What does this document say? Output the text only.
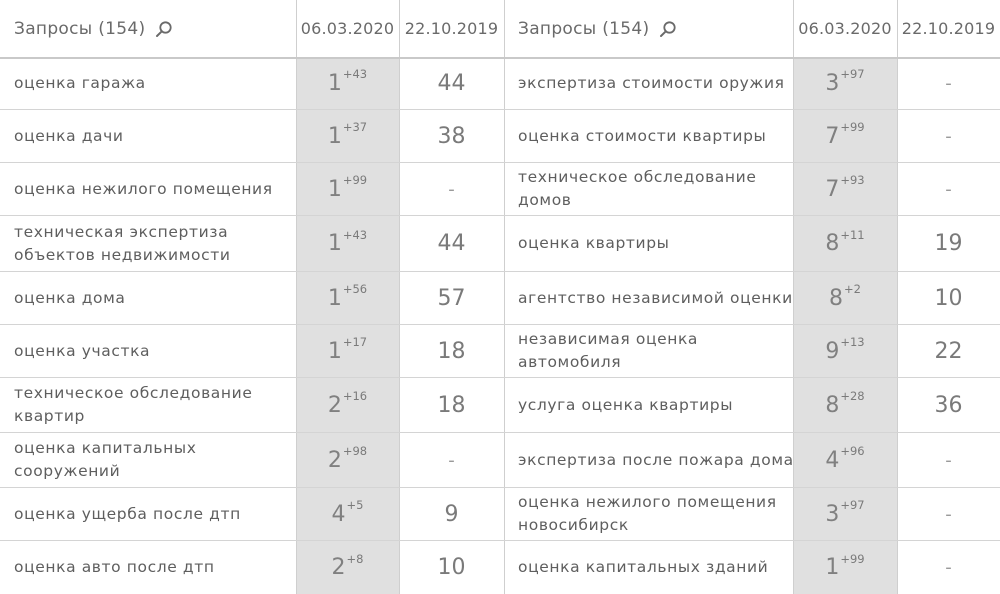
Запросы (154)	06.03.2020 22.10.2019
оценка гаража	$1^{+43}$	44
оценка дачи	$1^{+37}$	38
оценка нежилого помещения	$1^{+99}$	-
техническая экспертиза объектов недвижимости	$1^{+43}$	44
оценка дома	$1^{+56}$	57
оценка участка	$1^{+17}$	18
техническое обследование квартир	$2^{+16}$	18
оценка капитальных сооружений	$2^{+98}$	-
оценка ущерба после дтп	$4^{+5}$	9
оценка авто после дтп	$2^{+8}$	10
Запросы (154)	06.03.2020 22.10.2019
экспертиза стоимости оружия $3^{+97}$	-
оценка стоимости квартиры	$7^{+99}$	-
техническое обследование домов	$7^{+93}$	-
оценка квартиры	$8^{+11}$	19
агентство независимой оценки $8^{+2}$	10
независимая оценка автомобиля	$9^{+13}$	22
услуга оценка квартиры	$8^{+28}$	36
экспертиза после пожара дома $4^{+96}$	-
оценка нежилого помещения новосибирск	$3^{+97}$	-
оценка капитальных зданий	$1^{+99}$	-
